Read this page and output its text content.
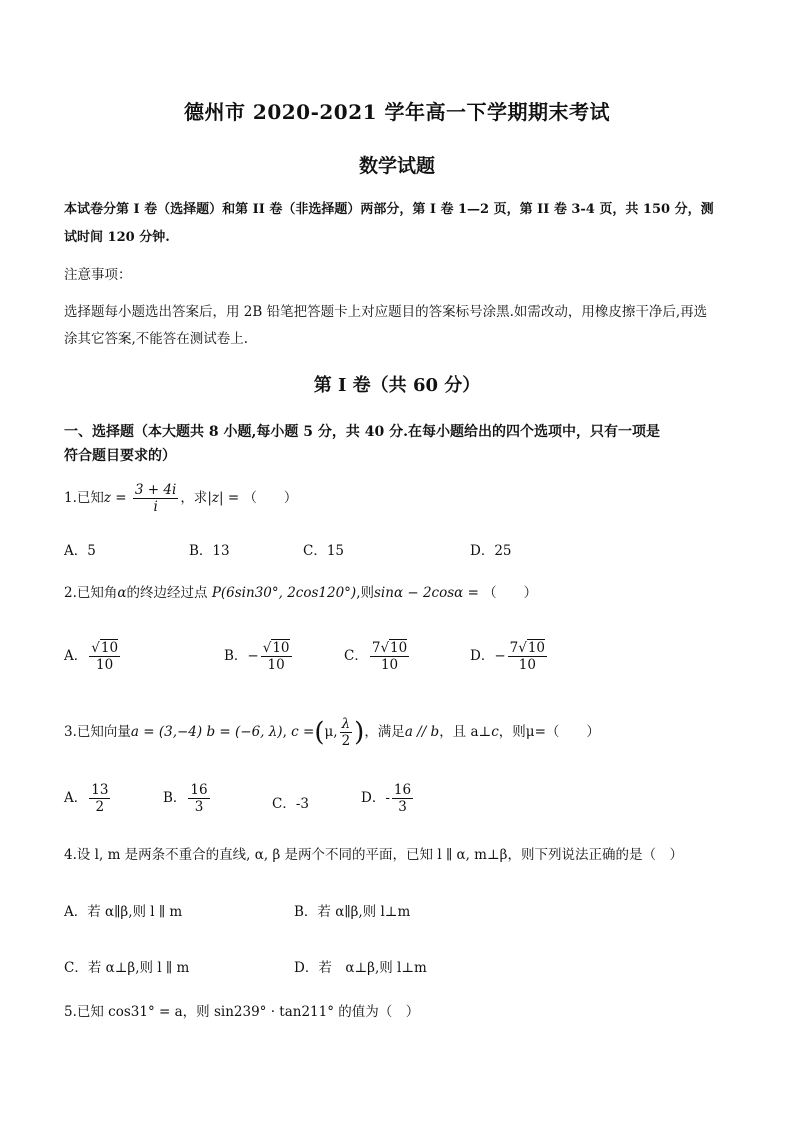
德州市 2020-2021 学年高一下学期期末考试
数学试题
本试卷分第 I 卷（选择题）和第 II 卷（非选择题）两部分，第 I 卷 1—2 页，第 II 卷 3-4 页，共 150 分，测
试时间 120 分钟.
注意事项：
选择题每小题选出答案后，用 2B 铅笔把答题卡上对应题目的答案标号涂黑.如需改动，用橡皮擦干净后,再选
涂其它答案,不能答在测试卷上.
第 I 卷（共 60 分）
一、选择题（本大题共 8 小题,每小题 5 分，共 40 分.在每小题给出的四个选项中，只有一项是
符合题目要求的）
1.已知$z = \frac{3 + 4i}{i}$ ，求|z| = （　　）
A．5	B．13	C．15	D．25
2.已知角α的终边经过点 P(6sin30°, 2cos120°),则sinα − 2cosα = （　　）
A． $\frac{√10}{10}$	B．− $\frac{√10}{10}$	C． $\frac{7√10}{10}$	D．− $\frac{7√10}{10}$
3.已知向量a = (3,−4) b = (−6, λ), c =(μ, $\frac{\lambda}{2}$ )，满足a // b，且 a⊥c，则μ=（　　）
A． $\frac{13}{2}$	B． $\frac{16}{3}$	C．-3	D．- $\frac{16}{3}$
4.设 l, m 是两条不重合的直线, α, β 是两个不同的平面，已知 l ∥ α, m⊥β，则下列说法正确的是（　）
A．若 α∥β,则 l ∥ m	B．若 α∥β,则 l⊥m
C．若 α⊥β,则 l ∥ m	D．若　α⊥β,则 l⊥m
5.已知 cos31° = a，则 sin239° · tan211° 的值为（　）
